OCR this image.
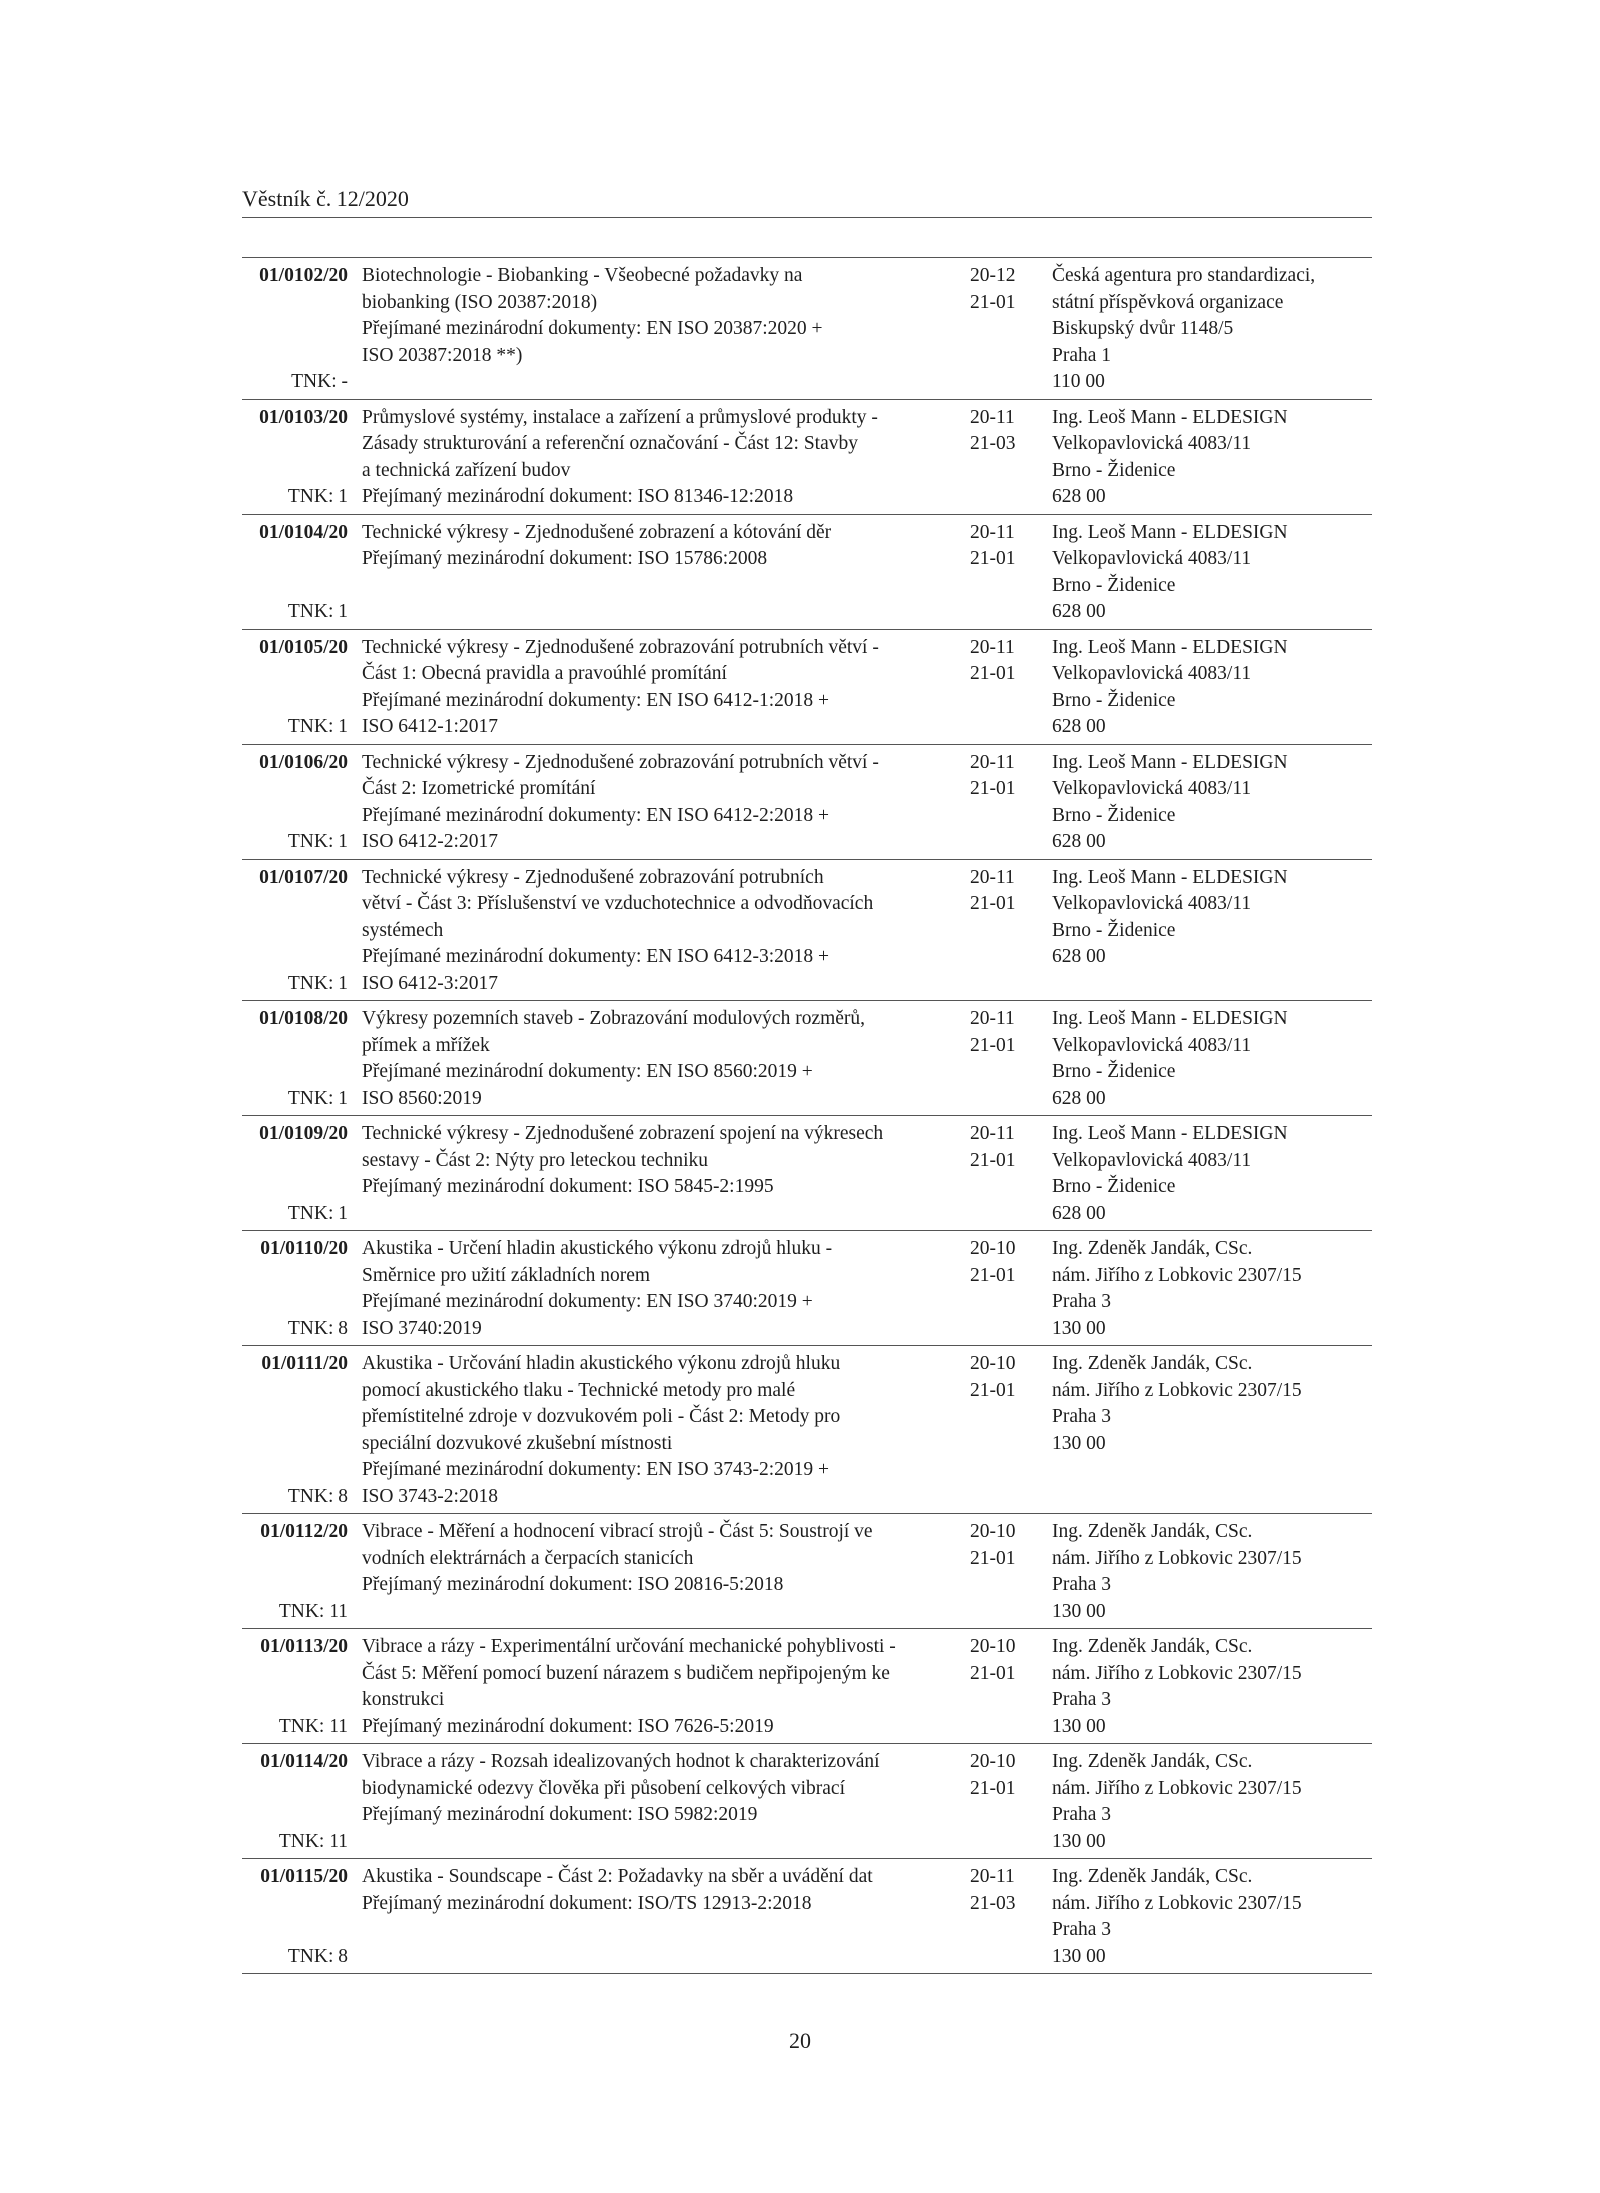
Věstník č. 12/2020
01/0102/20
TNK: -
Biotechnologie - Biobanking - Všeobecné požadavky na
biobanking (ISO 20387:2018)
Přejímané mezinárodní dokumenty: EN ISO 20387:2020 +
ISO 20387:2018 **)
20-12
21-01
Česká agentura pro standardizaci,
státní příspěvková organizace
Biskupský dvůr 1148/5
Praha 1
110 00
01/0103/20
TNK: 1
Průmyslové systémy, instalace a zařízení a průmyslové produkty -
Zásady strukturování a referenční označování - Část 12: Stavby
a technická zařízení budov
Přejímaný mezinárodní dokument: ISO 81346-12:2018
20-11
21-03
Ing. Leoš Mann - ELDESIGN
Velkopavlovická 4083/11
Brno - Židenice
628 00
01/0104/20
TNK: 1
Technické výkresy - Zjednodušené zobrazení a kótování děr
Přejímaný mezinárodní dokument: ISO 15786:2008
20-11
21-01
Ing. Leoš Mann - ELDESIGN
Velkopavlovická 4083/11
Brno - Židenice
628 00
01/0105/20
TNK: 1
Technické výkresy - Zjednodušené zobrazování potrubních větví -
Část 1: Obecná pravidla a pravoúhlé promítání
Přejímané mezinárodní dokumenty: EN ISO 6412-1:2018 +
ISO 6412-1:2017
20-11
21-01
Ing. Leoš Mann - ELDESIGN
Velkopavlovická 4083/11
Brno - Židenice
628 00
01/0106/20
TNK: 1
Technické výkresy - Zjednodušené zobrazování potrubních větví -
Část 2: Izometrické promítání
Přejímané mezinárodní dokumenty: EN ISO 6412-2:2018 +
ISO 6412-2:2017
20-11
21-01
Ing. Leoš Mann - ELDESIGN
Velkopavlovická 4083/11
Brno - Židenice
628 00
01/0107/20
TNK: 1
Technické výkresy - Zjednodušené zobrazování potrubních
větví - Část 3: Příslušenství ve vzduchotechnice a odvodňovacích
systémech
Přejímané mezinárodní dokumenty: EN ISO 6412-3:2018 +
ISO 6412-3:2017
20-11
21-01
Ing. Leoš Mann - ELDESIGN
Velkopavlovická 4083/11
Brno - Židenice
628 00
01/0108/20
TNK: 1
Výkresy pozemních staveb - Zobrazování modulových rozměrů,
přímek a mřížek
Přejímané mezinárodní dokumenty: EN ISO 8560:2019 +
ISO 8560:2019
20-11
21-01
Ing. Leoš Mann - ELDESIGN
Velkopavlovická 4083/11
Brno - Židenice
628 00
01/0109/20
TNK: 1
Technické výkresy - Zjednodušené zobrazení spojení na výkresech
sestavy - Část 2: Nýty pro leteckou techniku
Přejímaný mezinárodní dokument: ISO 5845-2:1995
20-11
21-01
Ing. Leoš Mann - ELDESIGN
Velkopavlovická 4083/11
Brno - Židenice
628 00
01/0110/20
TNK: 8
Akustika - Určení hladin akustického výkonu zdrojů hluku -
Směrnice pro užití základních norem
Přejímané mezinárodní dokumenty: EN ISO 3740:2019 +
ISO 3740:2019
20-10
21-01
Ing. Zdeněk Jandák, CSc.
nám. Jiřího z Lobkovic 2307/15
Praha 3
130 00
01/0111/20
TNK: 8
Akustika - Určování hladin akustického výkonu zdrojů hluku
pomocí akustického tlaku - Technické metody pro malé
přemístitelné zdroje v dozvukovém poli - Část 2: Metody pro
speciální dozvukové zkušební místnosti
Přejímané mezinárodní dokumenty: EN ISO 3743-2:2019 +
ISO 3743-2:2018
20-10
21-01
Ing. Zdeněk Jandák, CSc.
nám. Jiřího z Lobkovic 2307/15
Praha 3
130 00
01/0112/20
TNK: 11
Vibrace - Měření a hodnocení vibrací strojů - Část 5: Soustrojí ve
vodních elektrárnách a čerpacích stanicích
Přejímaný mezinárodní dokument: ISO 20816-5:2018
20-10
21-01
Ing. Zdeněk Jandák, CSc.
nám. Jiřího z Lobkovic 2307/15
Praha 3
130 00
01/0113/20
TNK: 11
Vibrace a rázy - Experimentální určování mechanické pohyblivosti -
Část 5: Měření pomocí buzení nárazem s budičem nepřipojeným ke
konstrukci
Přejímaný mezinárodní dokument: ISO 7626-5:2019
20-10
21-01
Ing. Zdeněk Jandák, CSc.
nám. Jiřího z Lobkovic 2307/15
Praha 3
130 00
01/0114/20
TNK: 11
Vibrace a rázy - Rozsah idealizovaných hodnot k charakterizování
biodynamické odezvy člověka při působení celkových vibrací
Přejímaný mezinárodní dokument: ISO 5982:2019
20-10
21-01
Ing. Zdeněk Jandák, CSc.
nám. Jiřího z Lobkovic 2307/15
Praha 3
130 00
01/0115/20
TNK: 8
Akustika - Soundscape - Část 2: Požadavky na sběr a uvádění dat
Přejímaný mezinárodní dokument: ISO/TS 12913-2:2018
20-11
21-03
Ing. Zdeněk Jandák, CSc.
nám. Jiřího z Lobkovic 2307/15
Praha 3
130 00
20
